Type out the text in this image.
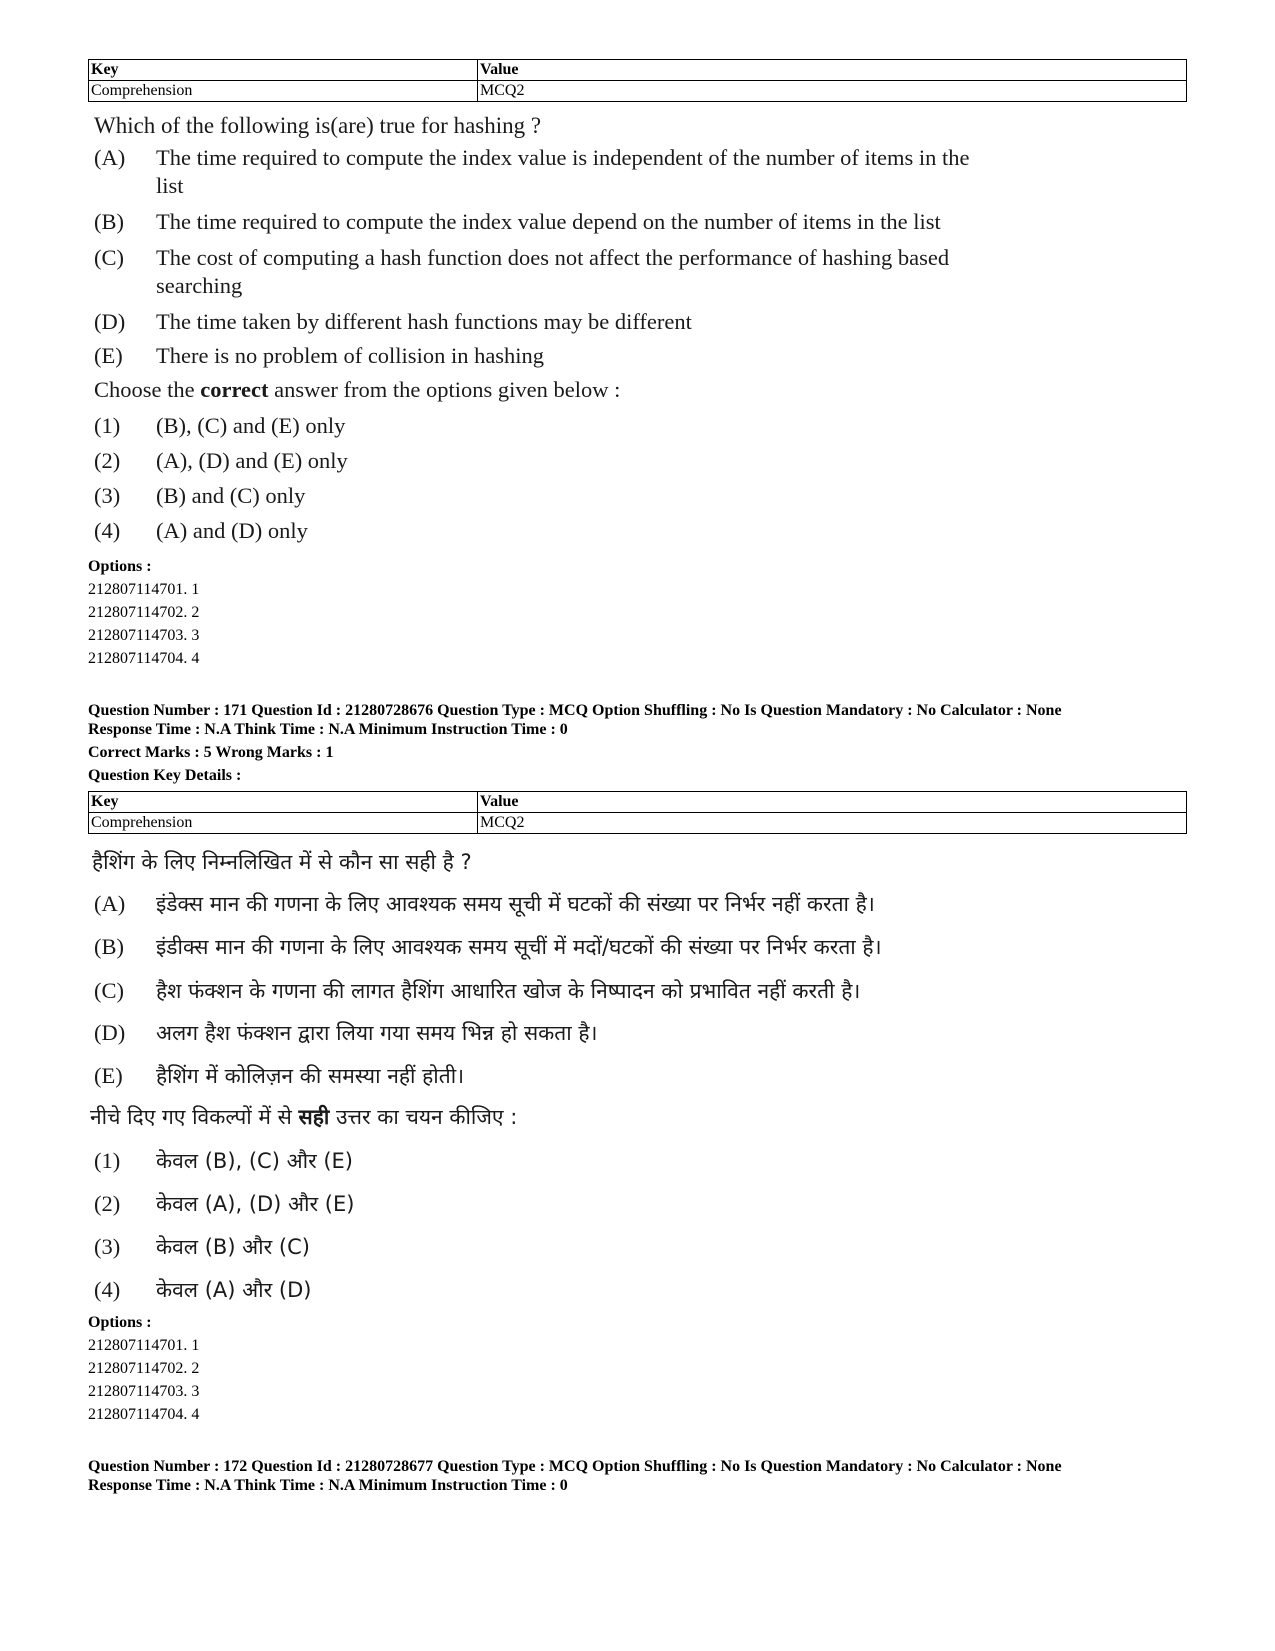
Key	Value
Comprehension	MCQ2
Which of the following is(are) true for hashing ?
(A) The time required to compute the index value is independent of the number of items in the
list
(B) The time required to compute the index value depend on the number of items in the list
(C) The cost of computing a hash function does not affect the performance of hashing based
searching
(D) The time taken by different hash functions may be different
(E) There is no problem of collision in hashing
Choose the correct answer from the options given below :
(1) (B), (C) and (E) only
(2) (A), (D) and (E) only
(3) (B) and (C) only
(4) (A) and (D) only
Options :
212807114701. 1
212807114702. 2
212807114703. 3
212807114704. 4
Question Number : 171 Question Id : 21280728676 Question Type : MCQ Option Shuffling : No Is Question Mandatory : No Calculator : None
Response Time : N.A Think Time : N.A Minimum Instruction Time : 0
Correct Marks : 5 Wrong Marks : 1
Question Key Details :
Key	Value
Comprehension	MCQ2
हैशिंग के लिए निम्नलिखित में से कौन सा सही है ?
(A) इंडेक्स मान की गणना के लिए आवश्यक समय सूची में घटकों की संख्या पर निर्भर नहीं करता है।
(B) इंडीक्स मान की गणना के लिए आवश्यक समय सूचीं में मदों/घटकों की संख्या पर निर्भर करता है।
(C) हैश फंक्शन के गणना की लागत हैशिंग आधारित खोज के निष्पादन को प्रभावित नहीं करती है।
(D) अलग हैश फंक्शन द्वारा लिया गया समय भिन्न हो सकता है।
(E) हैशिंग में कोलिज़न की समस्या नहीं होती।
नीचे दिए गए विकल्पों में से सही उत्तर का चयन कीजिए :
(1) केवल (B), (C) और (E)
(2) केवल (A), (D) और (E)
(3) केवल (B) और (C)
(4) केवल (A) और (D)
Options :
212807114701. 1
212807114702. 2
212807114703. 3
212807114704. 4
Question Number : 172 Question Id : 21280728677 Question Type : MCQ Option Shuffling : No Is Question Mandatory : No Calculator : None
Response Time : N.A Think Time : N.A Minimum Instruction Time : 0
